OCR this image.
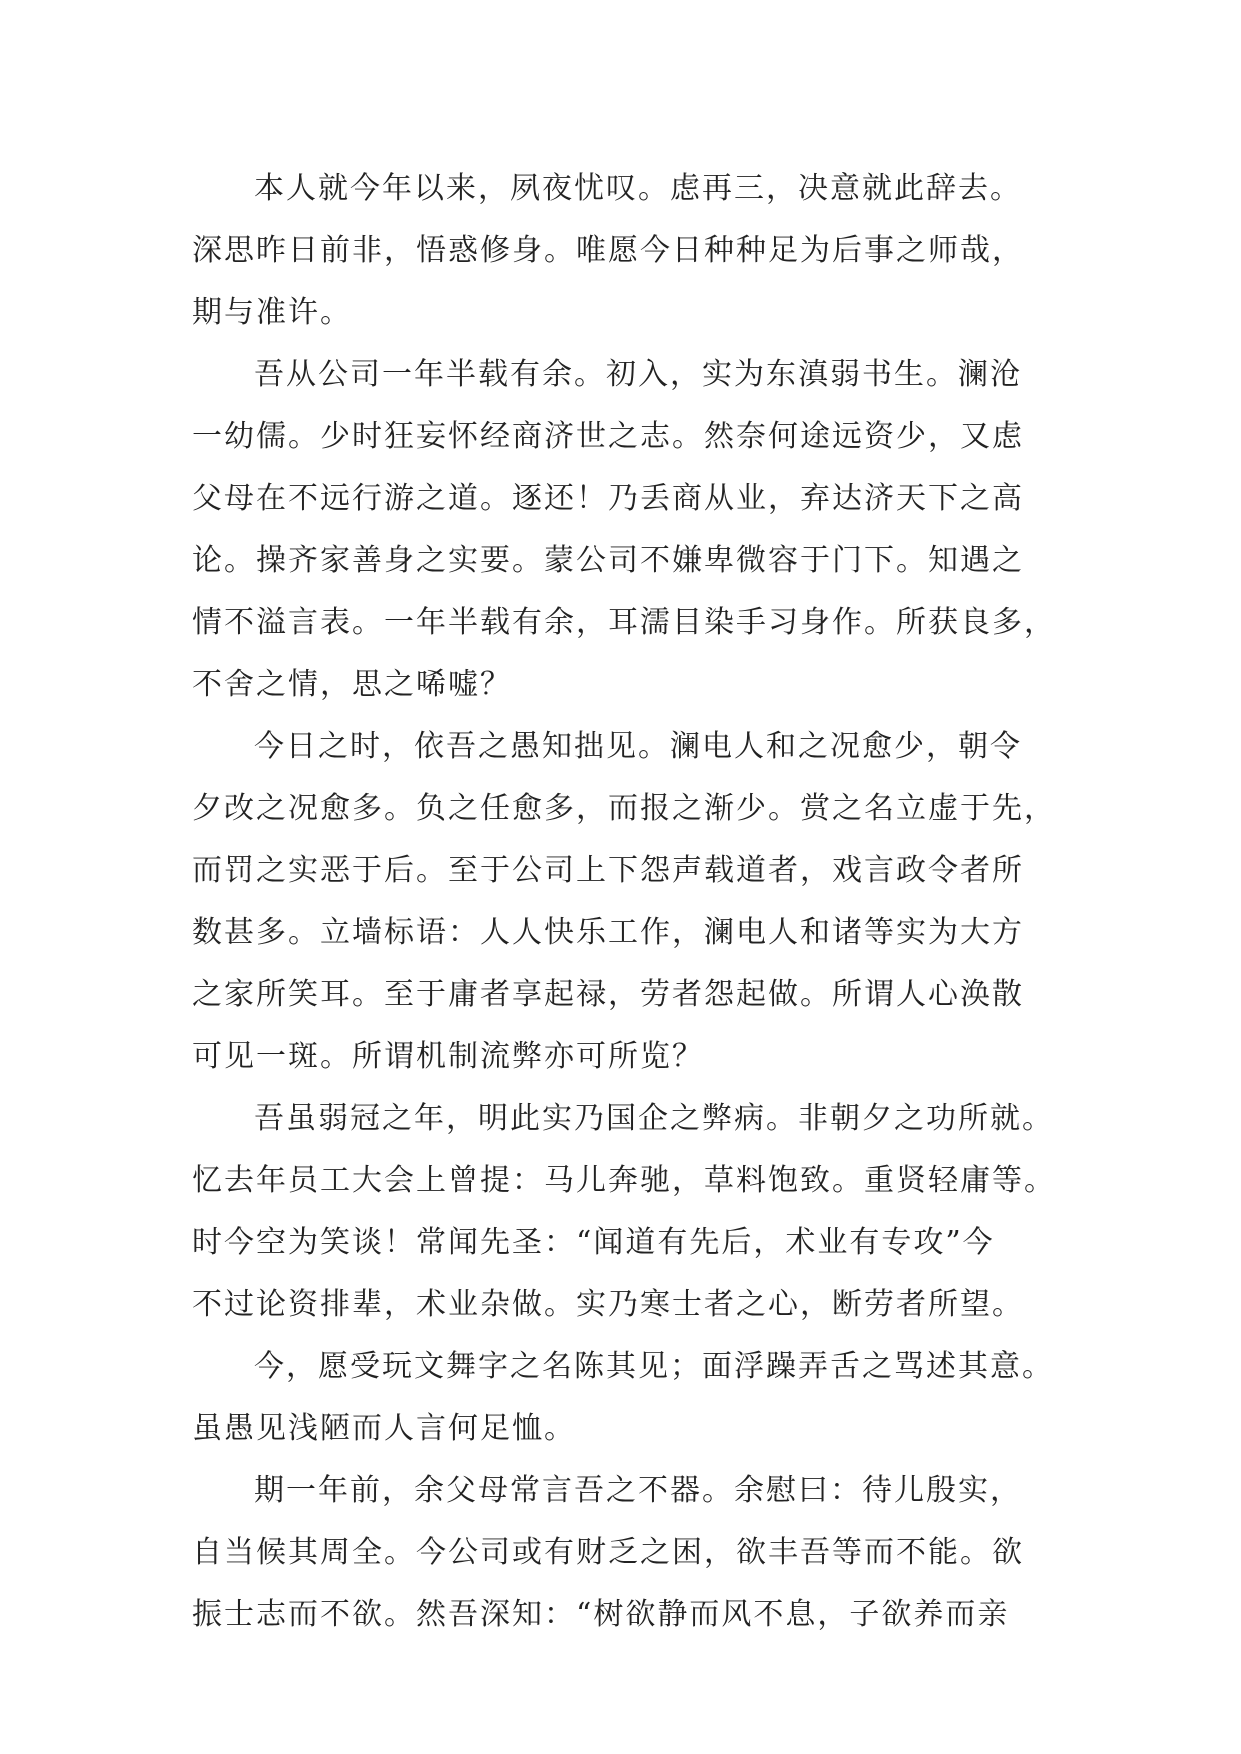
本人就今年以来，夙夜忧叹。虑再三，决意就此辞去。
深思昨日前非，悟惑修身。唯愿今日种种足为后事之师哉，
期与准许。
吾从公司一年半载有余。初入，实为东滇弱书生。澜沧
一幼儒。少时狂妄怀经商济世之志。然奈何途远资少，又虑
父母在不远行游之道。逐还！乃丢商从业，弃达济天下之高
论。操齐家善身之实要。蒙公司不嫌卑微容于门下。知遇之
情不溢言表。一年半载有余，耳濡目染手习身作。所获良多，
不舍之情，思之唏嘘？
今日之时，依吾之愚知拙见。澜电人和之况愈少，朝令
夕改之况愈多。负之任愈多，而报之渐少。赏之名立虚于先，
而罚之实恶于后。至于公司上下怨声载道者，戏言政令者所
数甚多。立墙标语：人人快乐工作，澜电人和诸等实为大方
之家所笑耳。至于庸者享起禄，劳者怨起做。所谓人心涣散
可见一斑。所谓机制流弊亦可所览？
吾虽弱冠之年，明此实乃国企之弊病。非朝夕之功所就。
忆去年员工大会上曾提：马儿奔驰，草料饱致。重贤轻庸等。
时今空为笑谈！常闻先圣：“闻道有先后，术业有专攻”今
不过论资排辈，术业杂做。实乃寒士者之心，断劳者所望。
今，愿受玩文舞字之名陈其见；面浮躁弄舌之骂述其意。
虽愚见浅陋而人言何足恤。
期一年前，余父母常言吾之不器。余慰曰：待儿殷实，
自当候其周全。今公司或有财乏之困，欲丰吾等而不能。欲
振士志而不欲。然吾深知：“树欲静而风不息，子欲养而亲
